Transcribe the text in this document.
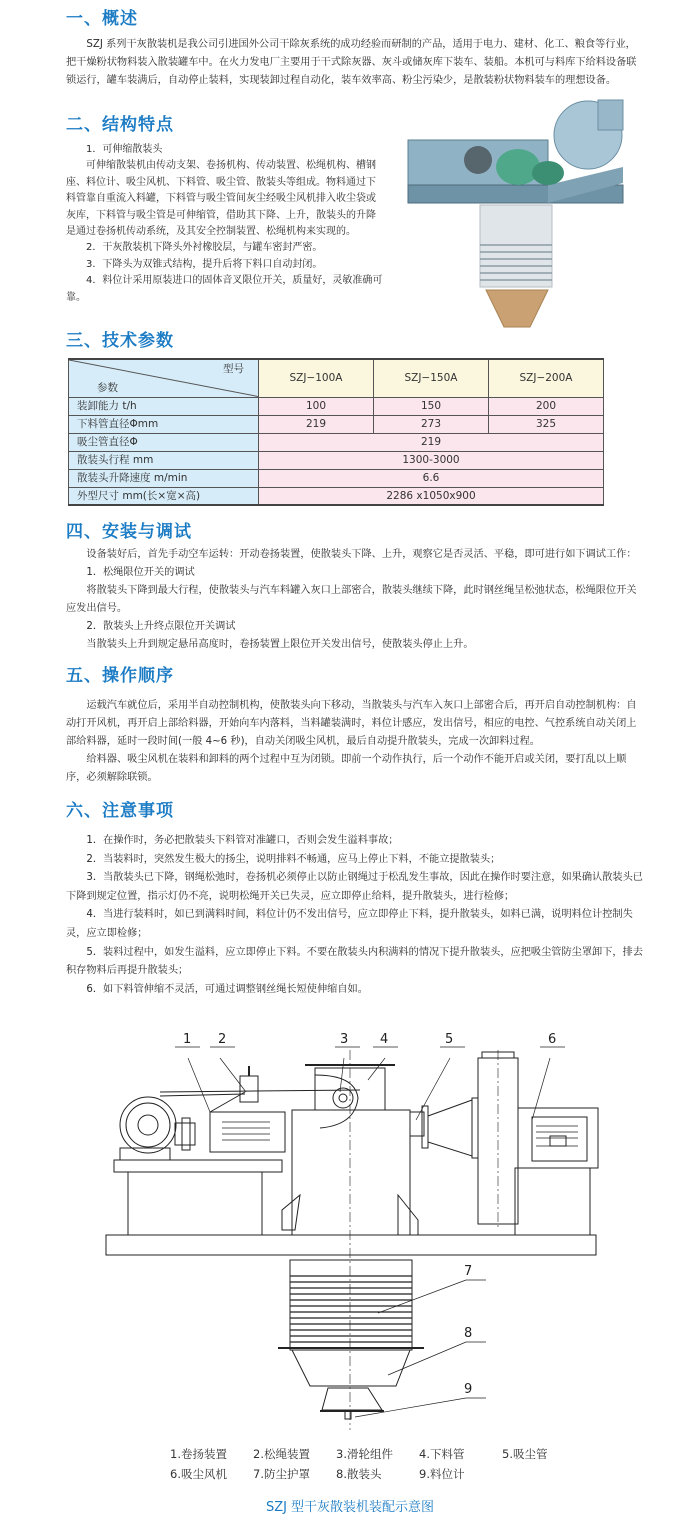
一、概述

SZJ 系列干灰散装机是我公司引进国外公司干除灰系统的成功经验而研制的产品，适用于电力、建材、化工、粮食等行业，把干燥粉状物料装入散装罐车中。在火力发电厂主要用于干式除灰器、灰斗或储灰库下装车、装船。本机可与料库下给料设备联锁运行，罐车装满后，自动停止装料，实现装卸过程自动化，装车效率高、粉尘污染少，是散装粉状物料装车的理想设备。

二、结构特点

1．可伸缩散装头

可伸缩散装机由传动支架、卷扬机构、传动装置、松绳机构、槽钢座、料位计、吸尘风机、下料管、吸尘管、散装头等组成。物料通过下料管靠自重流入料罐，下料管与吸尘管间灰尘经吸尘风机排入收尘袋或灰库，下料管与吸尘管是可伸缩管，借助其下降、上升，散装头的升降是通过卷扬机传动系统，及其安全控制装置、松绳机构来实现的。

2．干灰散装机下降头外衬橡胶层，与罐车密封严密。

3．下降头为双锥式结构，提升后将下料口自动封闭。

4．料位计采用原装进口的固体音叉限位开关，质量好，灵敏准确可靠。

三、技术参数
型号
参数	SZJ−100A	SZJ−150A	SZJ−200A
装卸能力 t/h	100	150	200
下料管直径Φmm	219	273	325
吸尘管直径Φ	219		
散装头行程 mm	1300-3000		
散装头升降速度 m/min	6.6		
外型尺寸 mm(长×宽×高)	2286 x1050x900		
四、安装与调试

设备装好后，首先手动空车运转：开动卷扬装置，使散装头下降、上升，观察它是否灵活、平稳，即可进行如下调试工作：

1．松绳限位开关的调试

将散装头下降到最大行程，使散装头与汽车料罐入灰口上部密合，散装头继续下降，此时钢丝绳呈松弛状态，松绳限位开关应发出信号。

2．散装头上升终点限位开关调试

当散装头上升到规定悬吊高度时，卷扬装置上限位开关发出信号，使散装头停止上升。

五、操作顺序

运载汽车就位后，采用半自动控制机构，使散装头向下移动，当散装头与汽车入灰口上部密合后，再开启自动控制机构：自动打开风机，再开启上部给料器，开始向车内落料，当料罐装满时，料位计感应，发出信号，相应的电控、气控系统自动关闭上部给料器，延时一段时间(一般 4~6 秒)，自动关闭吸尘风机，最后自动提升散装头，完成一次卸料过程。

给料器、吸尘风机在装料和卸料的两个过程中互为闭锁。即前一个动作执行，后一个动作不能开启或关闭，要打乱以上顺序，必须解除联锁。

六、注意事项

1．在操作时，务必把散装头下料管对准罐口，否则会发生溢料事故；

2．当装料时，突然发生极大的扬尘，说明排料不畅通，应马上停止下料，不能立提散装头；

3．当散装头已下降，钢绳松弛时，卷扬机必须停止以防止钢绳过于松乱发生事故，因此在操作时要注意，如果确认散装头已下降到规定位置，指示灯仍不亮，说明松绳开关已失灵，应立即停止给料，提升散装头，进行检修；

4．当进行装料时，如已到满料时间，料位计仍不发出信号，应立即停止下料，提升散装头，如料已满，说明料位计控制失灵，应立即检修；

5．装料过程中，如发生溢料，应立即停止下料。不要在散装头内积满料的情况下提升散装头，应把吸尘管防尘罩卸下，排去积存物料后再提升散装头；

6．如下料管伸缩不灵活，可通过调整钢丝绳长短使伸缩自如。

1 2	3 4	5	6
7
8
9
1.卷扬装置	2.松绳装置	3.滑轮组件	4.下料管	5.吸尘管
6.吸尘风机	7.防尘护罩	8.散装头	9.料位计
SZJ 型干灰散装机装配示意图
